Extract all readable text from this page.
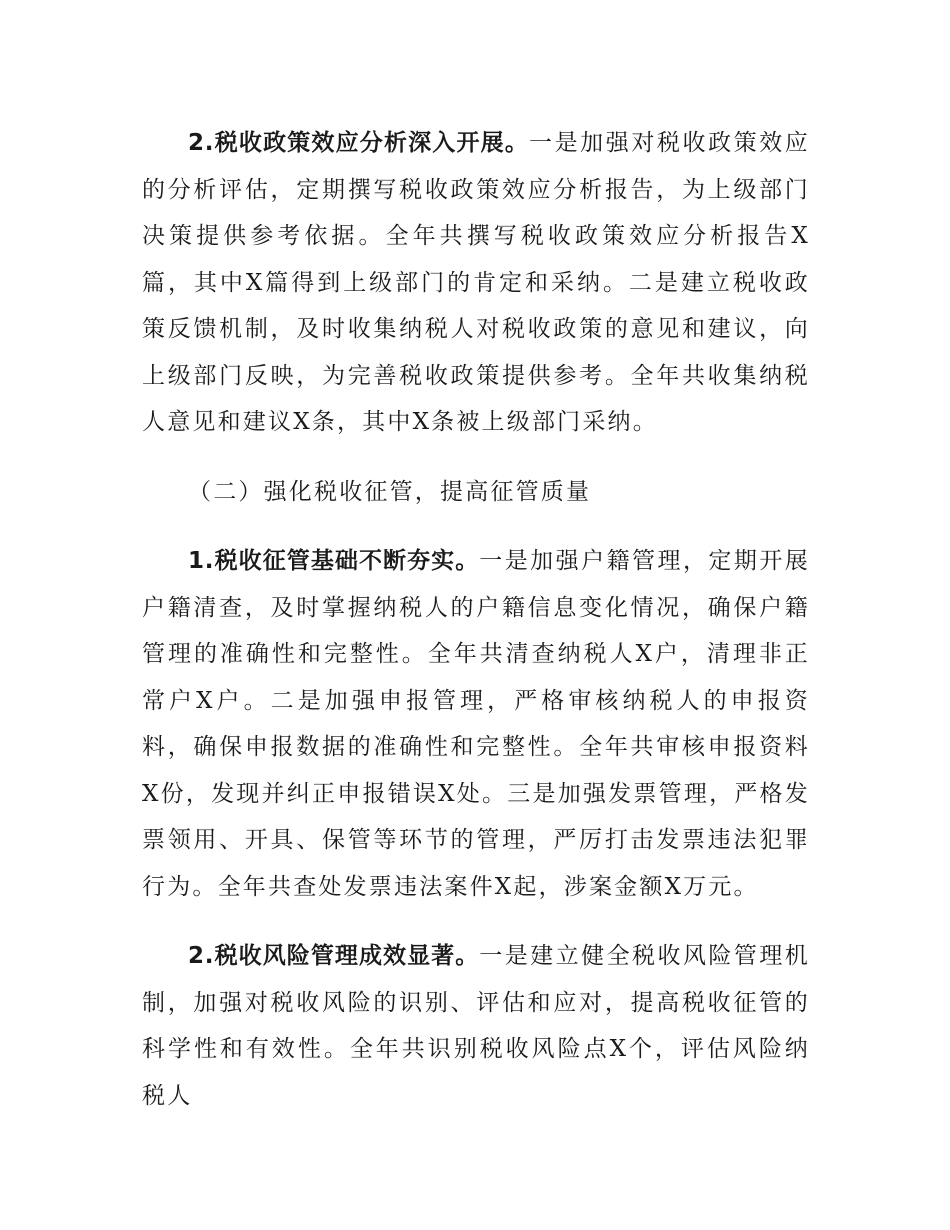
2.税收政策效应分析深入开展。一是加强对税收政策效应的分析评估，定期撰写税收政策效应分析报告，为上级部门决策提供参考依据。全年共撰写税收政策效应分析报告X篇，其中X篇得到上级部门的肯定和采纳。二是建立税收政策反馈机制，及时收集纳税人对税收政策的意见和建议，向上级部门反映，为完善税收政策提供参考。全年共收集纳税人意见和建议X条，其中X条被上级部门采纳。

（二）强化税收征管，提高征管质量

1.税收征管基础不断夯实。一是加强户籍管理，定期开展户籍清查，及时掌握纳税人的户籍信息变化情况，确保户籍管理的准确性和完整性。全年共清查纳税人X户，清理非正常户X户。二是加强申报管理，严格审核纳税人的申报资料，确保申报数据的准确性和完整性。全年共审核申报资料X份，发现并纠正申报错误X处。三是加强发票管理，严格发票领用、开具、保管等环节的管理，严厉打击发票违法犯罪行为。全年共查处发票违法案件X起，涉案金额X万元。

2.税收风险管理成效显著。一是建立健全税收风险管理机制，加强对税收风险的识别、评估和应对，提高税收征管的科学性和有效性。全年共识别税收风险点X个，评估风险纳税人
